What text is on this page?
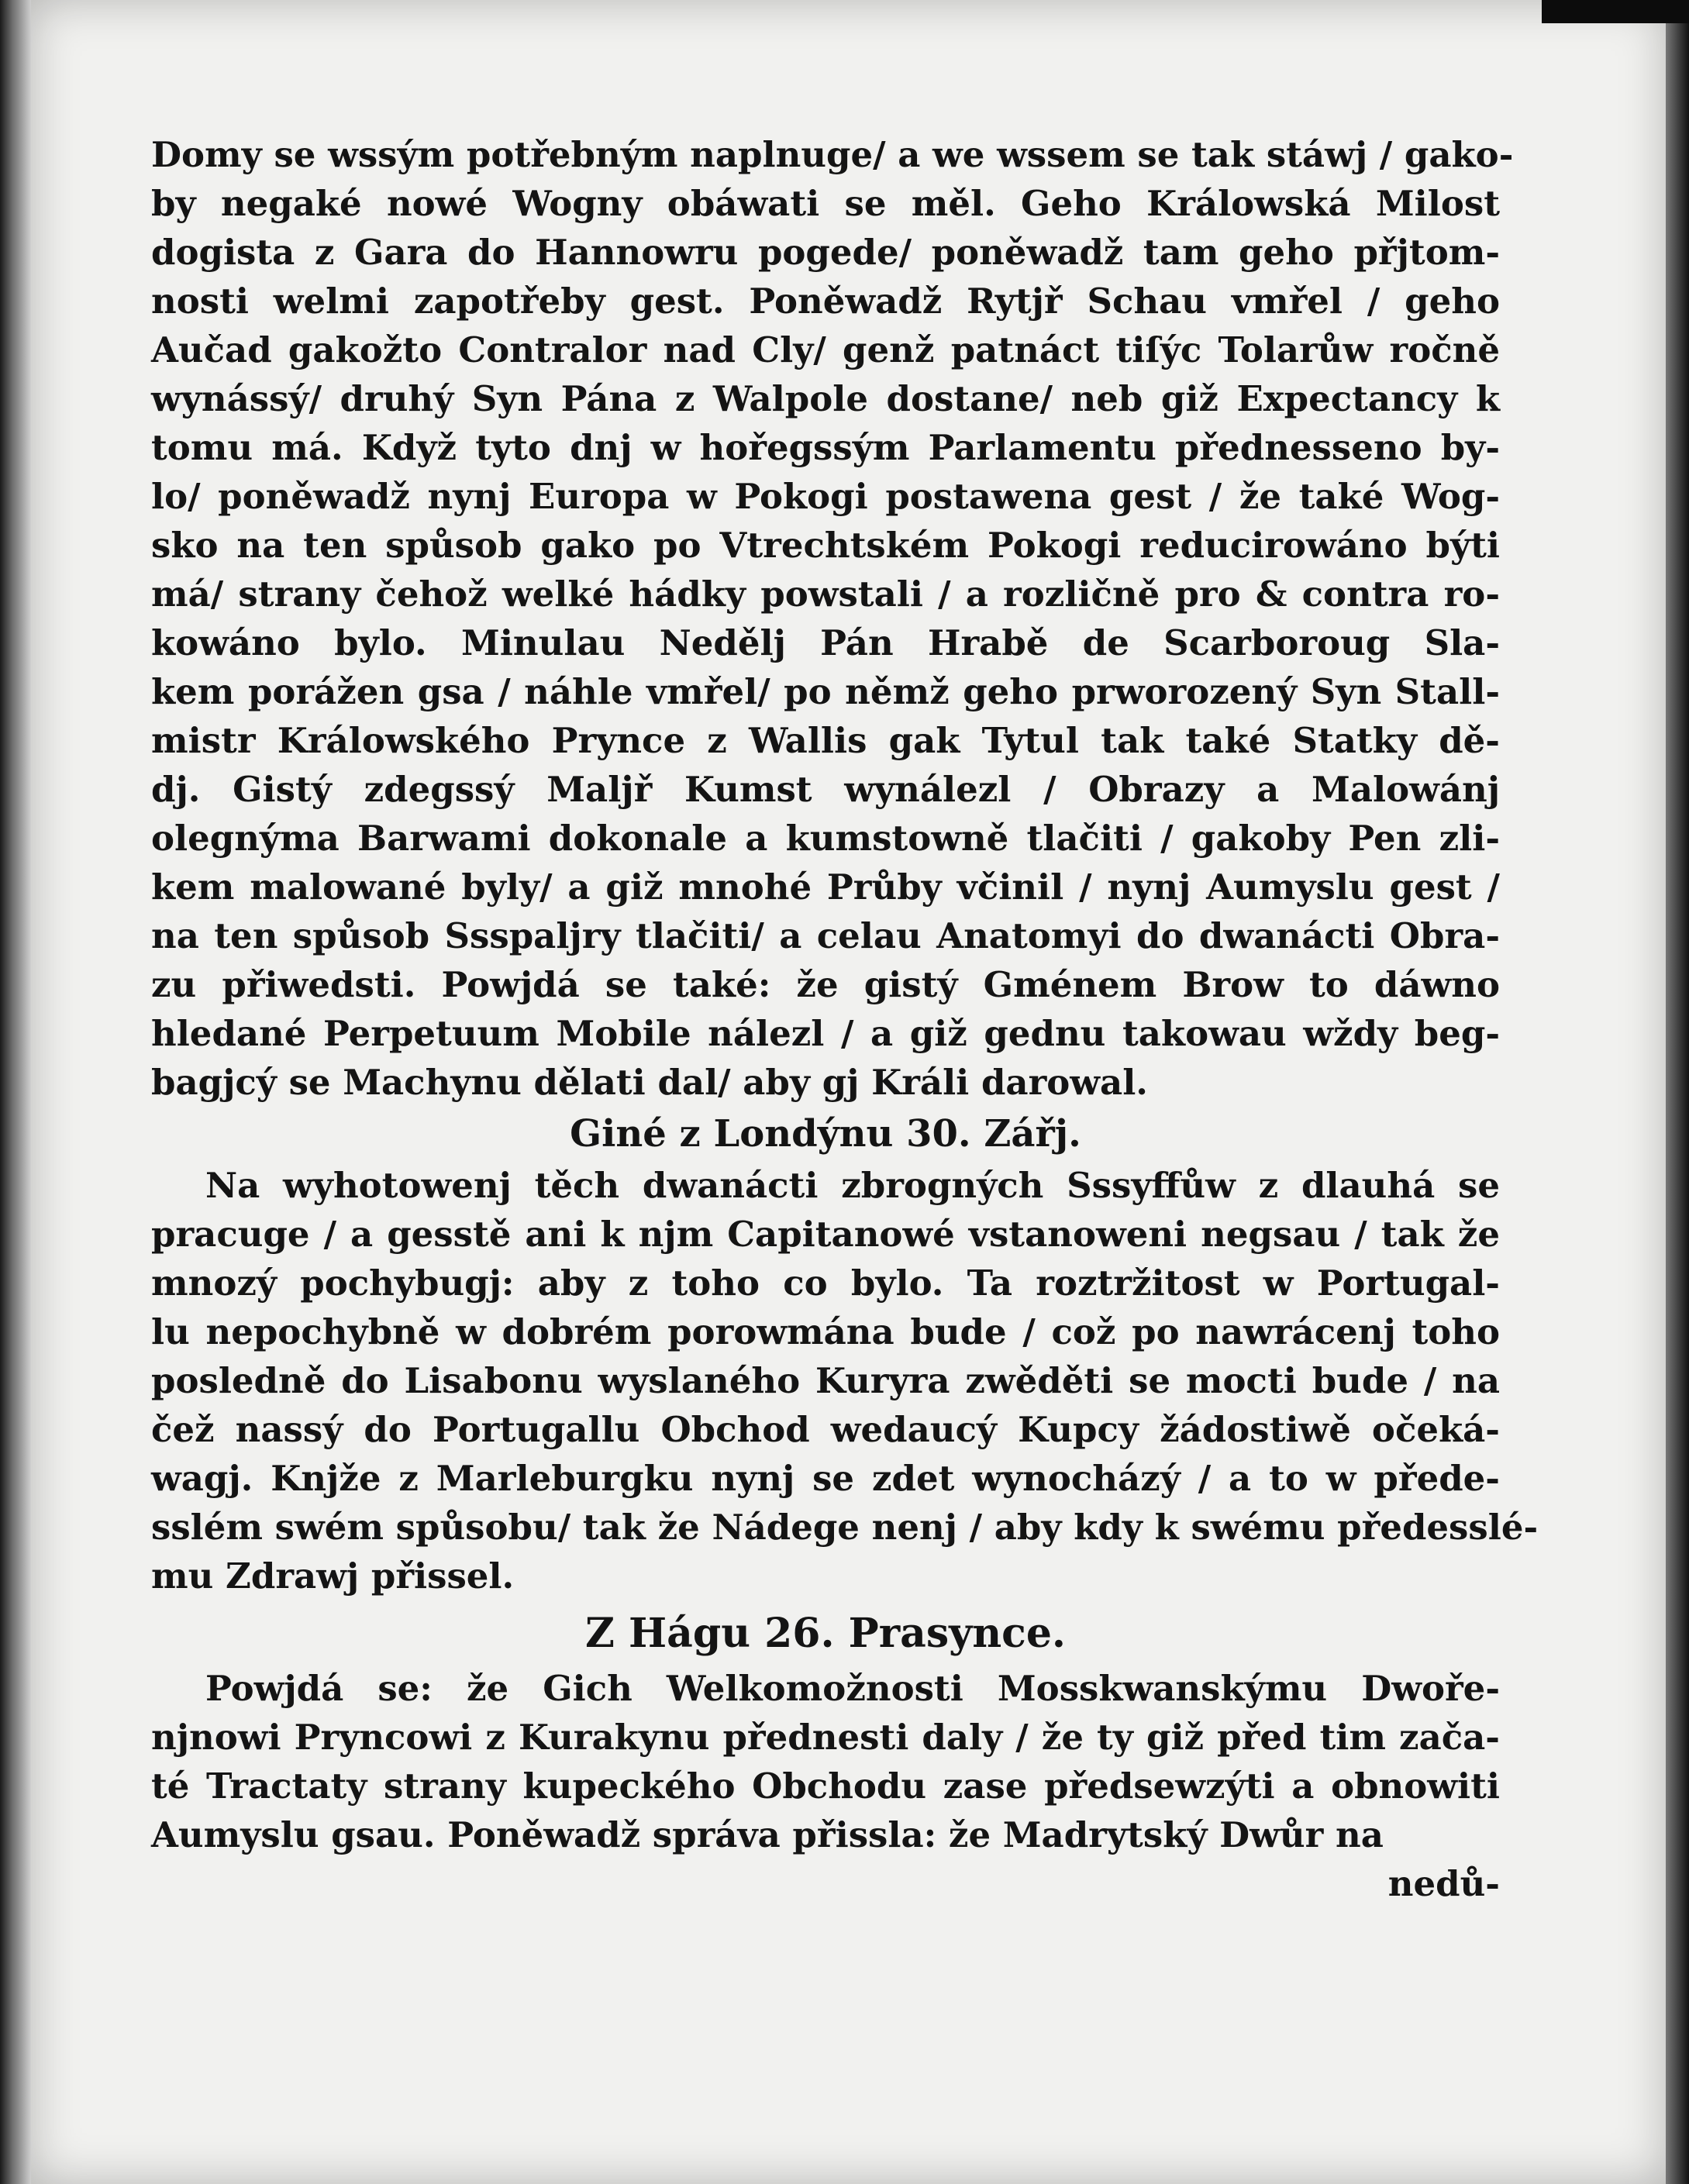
Domy se wssým potřebným naplnuge/ a we wssem se tak stáwj / gako-
by negaké nowé Wogny obáwati se měl. Geho Králowská Milost
dogista z Gara do Hannowru pogede/ poněwadž tam geho přjtom-
nosti welmi zapotřeby gest. Poněwadž Rytjř Schau vmřel / geho
Aučad gakožto Contralor nad Cly/ genž patnáct tiſýc Tolarůw ročně
wynássý/ druhý Syn Pána z Walpole dostane/ neb giž Expectancy k
tomu má. Když tyto dnj w hořegssým Parlamentu přednesseno by-
lo/ poněwadž nynj Europa w Pokogi postawena gest / že také Wog-
sko na ten spůsob gako po Vtrechtském Pokogi reducirowáno býti
má/ strany čehož welké hádky powstali / a rozličně pro & contra ro-
kowáno bylo. Minulau Nedělj Pán Hrabě de Scarboroug Sla-
kem porážen gsa / náhle vmřel/ po němž geho prworozený Syn Stall-
mistr Králowského Prynce z Wallis gak Tytul tak také Statky dě-
dj. Gistý zdegssý Malјř Kumst wynálezl / Obrazy a Malowánj
olegnýma Barwami dokonale a kumstowně tlačiti / gakoby Pen zli-
kem malowané byly/ a giž mnohé Průby včinil / nynj Aumyslu gest /
na ten spůsob Ssspaljry tlačiti/ a celau Anatomyi do dwanácti Obra-
zu přiwedsti. Powjdá se také: že gistý Gménem Brow to dáwno
hledané Perpetuum Mobile nálezl / a giž gednu takowau wždy beg-
bagjcý se Machynu dělati dal/ aby gj Králi darowal.
Giné z Londýnu 30. Zářj.
Na wyhotowenj těch dwanácti zbrogných Sssyffůw z dlauhá se
pracuge / a gesstě ani k njm Capitanowé vstanoweni negsau / tak že
mnozý pochybugj: aby z toho co bylo. Ta roztržitost w Portugal-
lu nepochybně w dobrém porowmána bude / což po nawrácenj toho
posledně do Lisabonu wyslaného Kuryra zwěděti se mocti bude / na
čež nassý do Portugallu Obchod wedaucý Kupcy žádostiwě očeká-
wagj. Knjže z Marleburgku nynj se zdet wynocházý / a to w přede-
sslém swém spůsobu/ tak že Nádege nenj / aby kdy k swému předesslé-
mu Zdrawj přissel.
Z Hágu 26. Prasynce.
Powjdá se: že Gich Welkomožnosti Mosskwanskýmu Dwoře-
njnowi Pryncowi z Kurakynu přednesti daly / že ty giž před tim zača-
té Tractaty strany kupeckého Obchodu zase předsewzýti a obnowiti
Aumyslu gsau. Poněwadž správa přissla: že Madrytský Dwůr na
nedů-
